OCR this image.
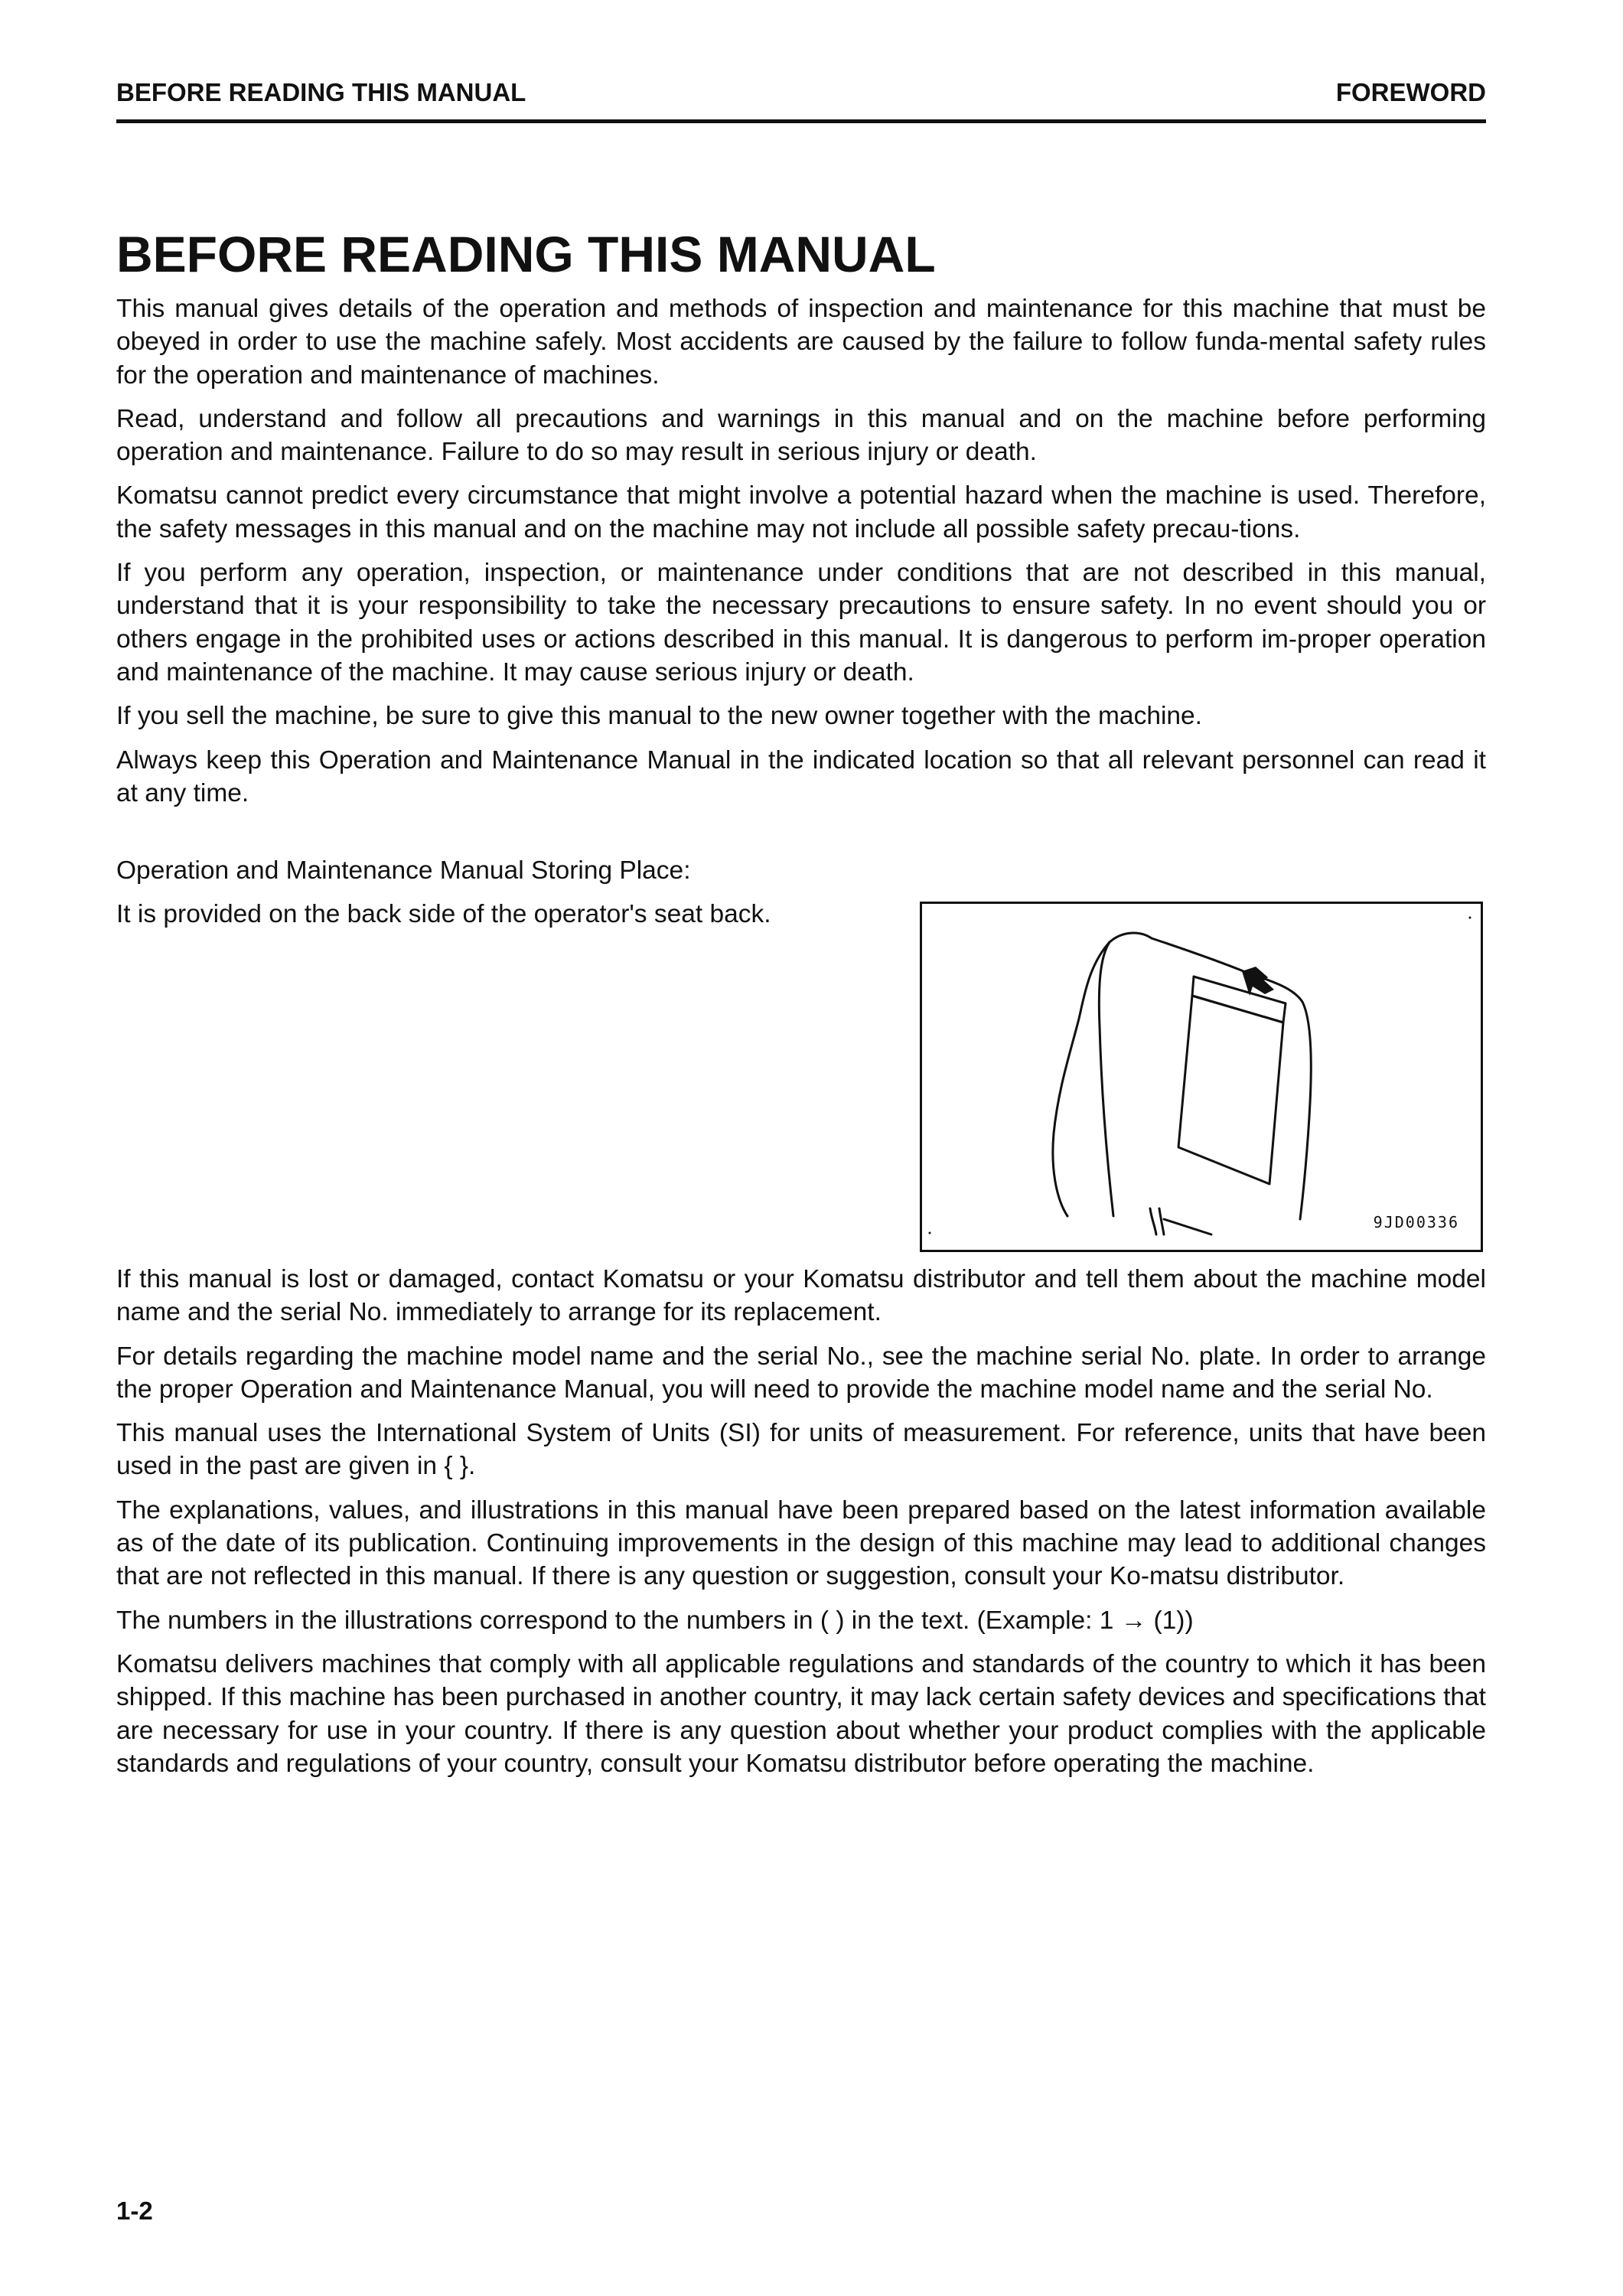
BEFORE READING THIS MANUAL	FOREWORD
BEFORE READING THIS MANUAL

This manual gives details of the operation and methods of inspection and maintenance for this machine that must be obeyed in order to use the machine safely. Most accidents are caused by the failure to follow funda-mental safety rules for the operation and maintenance of machines.

Read, understand and follow all precautions and warnings in this manual and on the machine before performing operation and maintenance. Failure to do so may result in serious injury or death.

Komatsu cannot predict every circumstance that might involve a potential hazard when the machine is used. Therefore, the safety messages in this manual and on the machine may not include all possible safety precau-tions.

If you perform any operation, inspection, or maintenance under conditions that are not described in this manual, understand that it is your responsibility to take the necessary precautions to ensure safety. In no event should you or others engage in the prohibited uses or actions described in this manual. It is dangerous to perform im-proper operation and maintenance of the machine. It may cause serious injury or death.

If you sell the machine, be sure to give this manual to the new owner together with the machine.

Always keep this Operation and Maintenance Manual in the indicated location so that all relevant personnel can read it at any time.

Operation and Maintenance Manual Storing Place:
It is provided on the back side of the operator's seat back.
9JD00336

If this manual is lost or damaged, contact Komatsu or your Komatsu distributor and tell them about the machine model name and the serial No. immediately to arrange for its replacement.

For details regarding the machine model name and the serial No., see the machine serial No. plate. In order to arrange the proper Operation and Maintenance Manual, you will need to provide the machine model name and the serial No.

This manual uses the International System of Units (SI) for units of measurement. For reference, units that have been used in the past are given in { }.

The explanations, values, and illustrations in this manual have been prepared based on the latest information available as of the date of its publication. Continuing improvements in the design of this machine may lead to additional changes that are not reflected in this manual. If there is any question or suggestion, consult your Ko-matsu distributor.

The numbers in the illustrations correspond to the numbers in ( ) in the text. (Example: 1 → (1))

Komatsu delivers machines that comply with all applicable regulations and standards of the country to which it has been shipped. If this machine has been purchased in another country, it may lack certain safety devices and specifications that are necessary for use in your country. If there is any question about whether your product complies with the applicable standards and regulations of your country, consult your Komatsu distributor before operating the machine.

1-2
